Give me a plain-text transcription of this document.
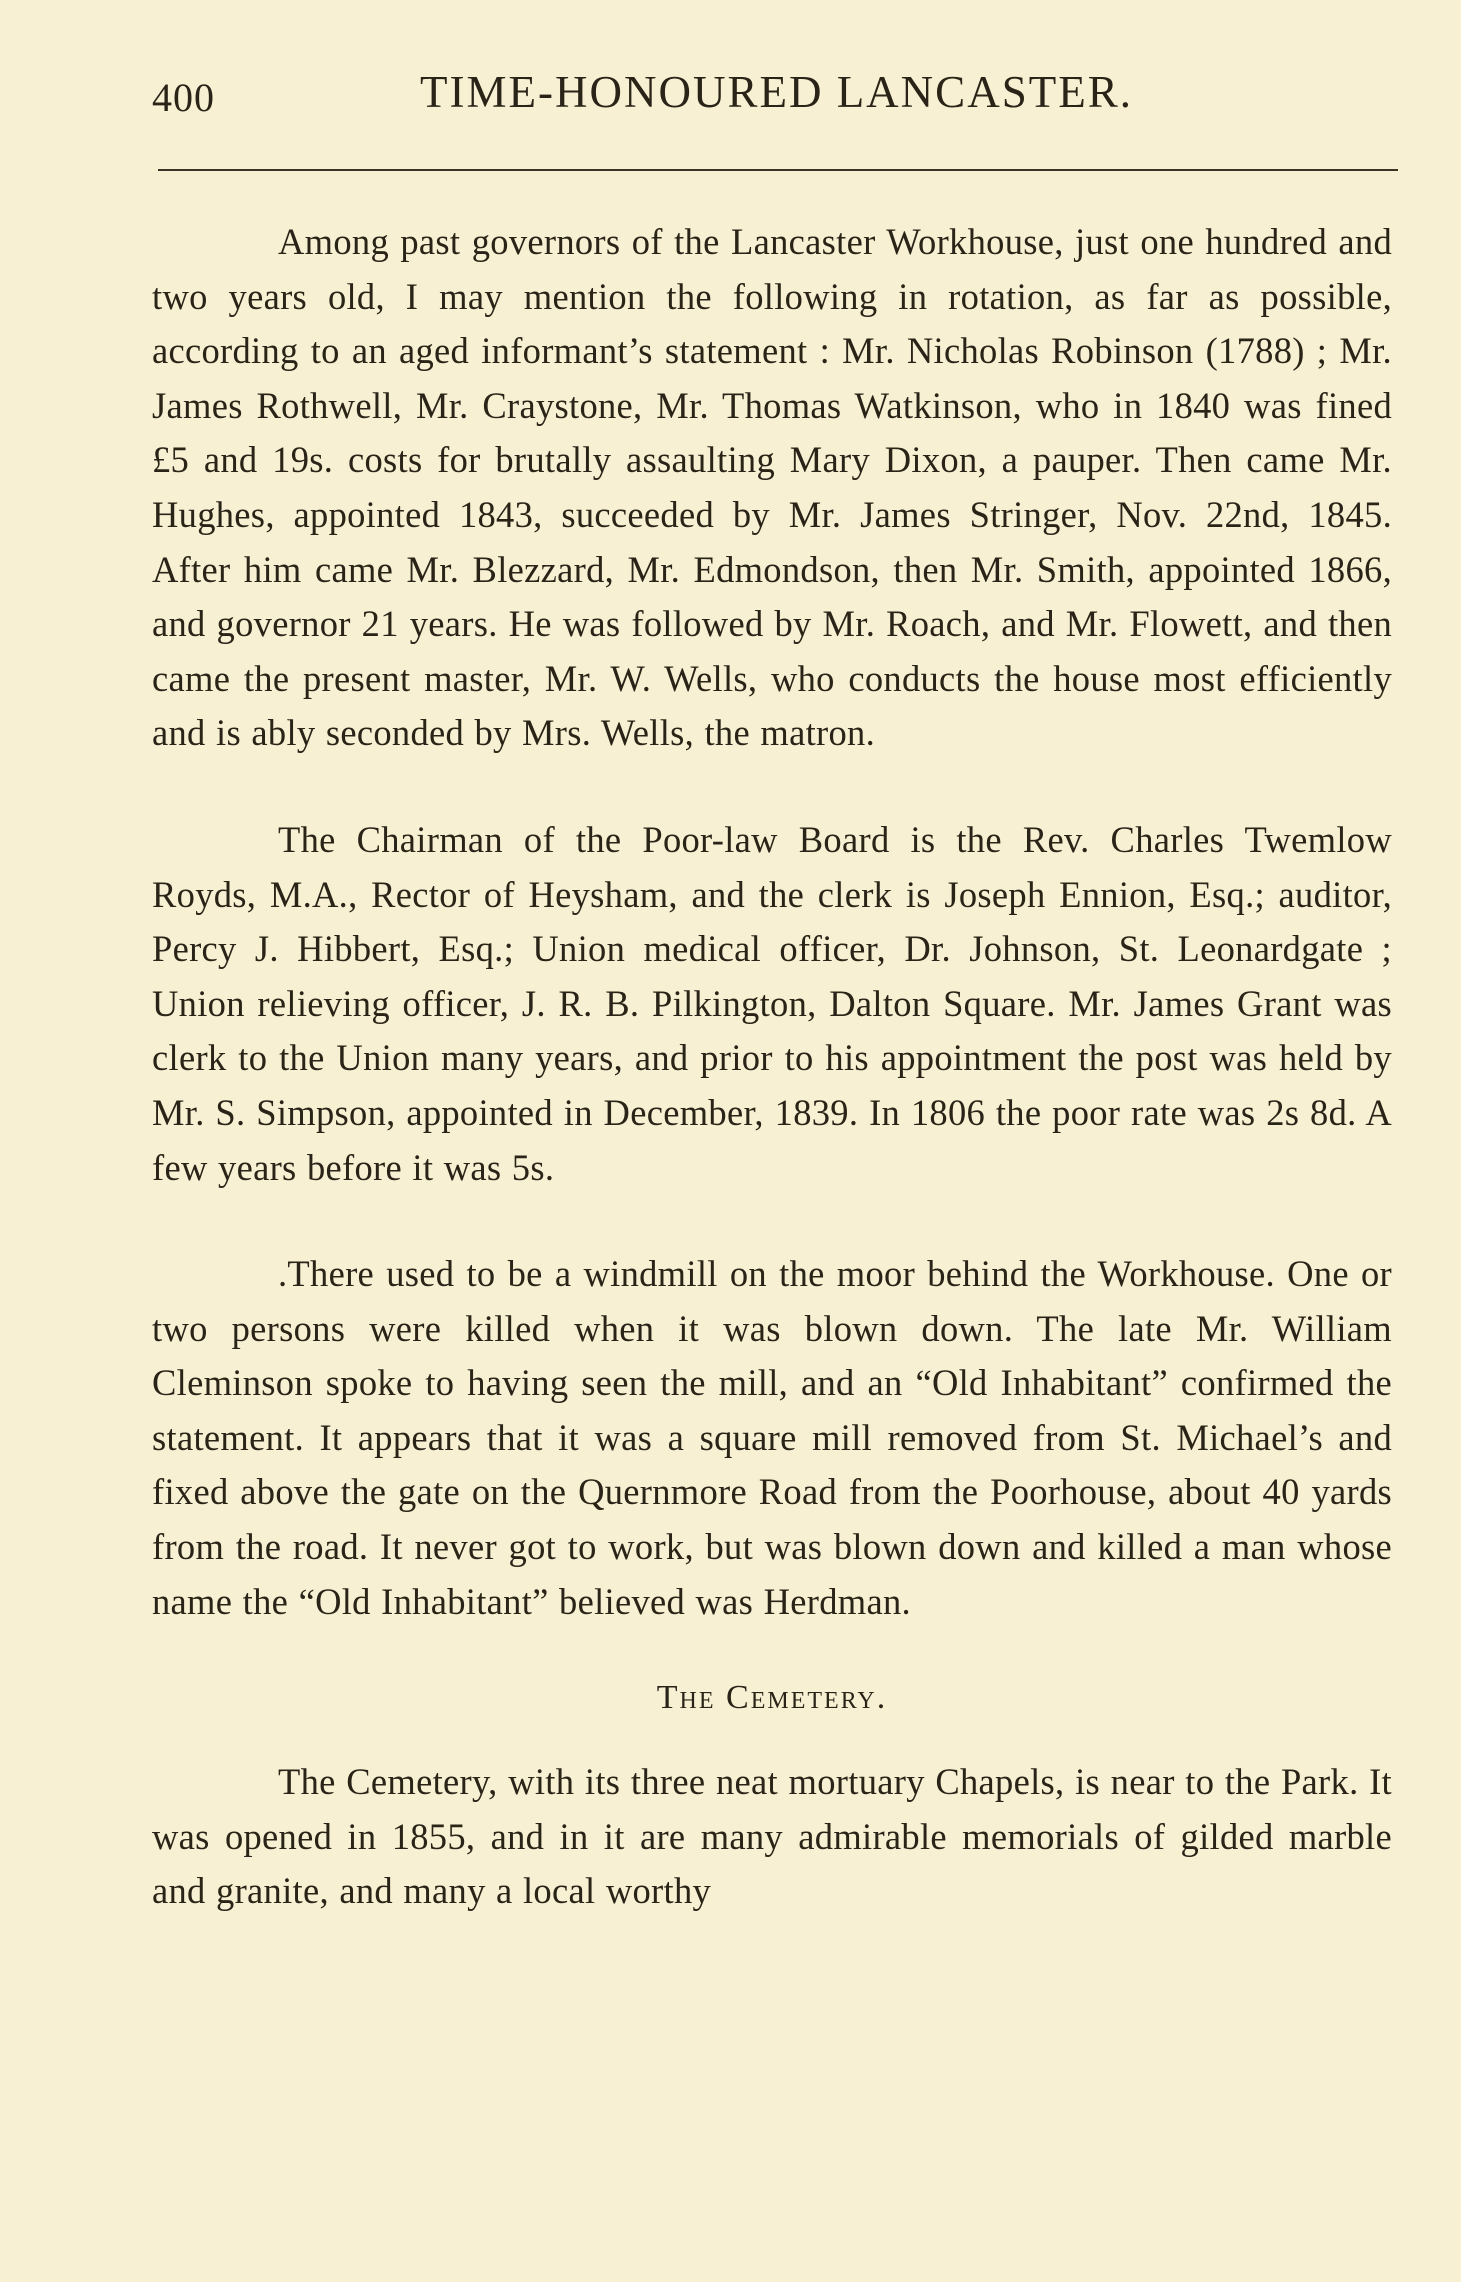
400	TIME-HONOURED LANCASTER.

Among past governors of the Lancaster Workhouse, just one hundred and two years old, I may mention the following in rotation, as far as possible, according to an aged informant’s statement : Mr. Nicholas Robinson (1788) ; Mr. James Rothwell, Mr. Craystone, Mr. Thomas Watkinson, who in 1840 was fined £5 and 19s. costs for brutally assaulting Mary Dixon, a pauper. Then came Mr. Hughes, appointed 1843, succeeded by Mr. James Stringer, Nov. 22nd, 1845. After him came Mr. Blezzard, Mr. Edmondson, then Mr. Smith, appointed 1866, and governor 21 years. He was followed by Mr. Roach, and Mr. Flowett, and then came the present master, Mr. W. Wells, who conducts the house most efficiently and is ably seconded by Mrs. Wells, the matron.

The Chairman of the Poor-law Board is the Rev. Charles Twemlow Royds, M.A., Rector of Heysham, and the clerk is Joseph Ennion, Esq.; auditor, Percy J. Hibbert, Esq.; Union medical officer, Dr. Johnson, St. Leonardgate ; Union relieving officer, J. R. B. Pilkington, Dalton Square. Mr. James Grant was clerk to the Union many years, and prior to his appointment the post was held by Mr. S. Simpson, appointed in December, 1839. In 1806 the poor rate was 2s 8d. A few years before it was 5s.

.There used to be a windmill on the moor behind the Workhouse. One or two persons were killed when it was blown down. The late Mr. William Cleminson spoke to having seen the mill, and an “Old Inhabitant” confirmed the statement. It appears that it was a square mill removed from St. Michael’s and fixed above the gate on the Quernmore Road from the Poorhouse, about 40 yards from the road. It never got to work, but was blown down and killed a man whose name the “Old Inhabitant” believed was Herdman.

The Cemetery.

The Cemetery, with its three neat mortuary Chapels, is near to the Park. It was opened in 1855, and in it are many admirable memorials of gilded marble and granite, and many a local worthy
